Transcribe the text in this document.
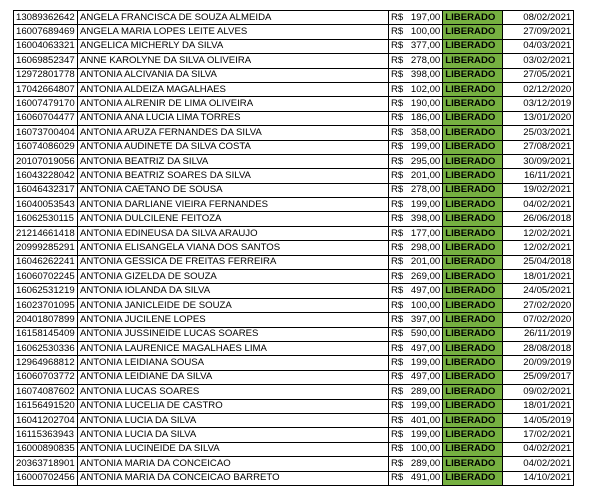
13089362642	ANGELA FRANCISCA DE SOUZA ALMEIDA	R$	197,00	LIBERADO	08/02/2021
16007689469	ANGELA MARIA LOPES LEITE ALVES	R$	100,00	LIBERADO	27/09/2021
16004063321	ANGELICA MICHERLY DA SILVA	R$	377,00	LIBERADO	04/03/2021
16069852347	ANNE KAROLYNE DA SILVA OLIVEIRA	R$	278,00	LIBERADO	03/02/2021
12972801778	ANTONIA ALCIVANIA DA SILVA	R$	398,00	LIBERADO	27/05/2021
17042664807	ANTONIA ALDEIZA MAGALHAES	R$	102,00	LIBERADO	02/12/2020
16007479170	ANTONIA ALRENIR DE LIMA OLIVEIRA	R$	190,00	LIBERADO	03/12/2019
16060704477	ANTONIA ANA LUCIA LIMA TORRES	R$	186,00	LIBERADO	13/01/2020
16073700404	ANTONIA ARUZA FERNANDES DA SILVA	R$	358,00	LIBERADO	25/03/2021
16074086029	ANTONIA AUDINETE DA SILVA COSTA	R$	199,00	LIBERADO	27/08/2021
20107019056	ANTONIA BEATRIZ DA SILVA	R$	295,00	LIBERADO	30/09/2021
16043228042	ANTONIA BEATRIZ SOARES DA SILVA	R$	201,00	LIBERADO	16/11/2021
16046432317	ANTONIA CAETANO DE SOUSA	R$	278,00	LIBERADO	19/02/2021
16040053543	ANTONIA DARLIANE VIEIRA FERNANDES	R$	199,00	LIBERADO	04/02/2021
16062530115	ANTONIA DULCILENE FEITOZA	R$	398,00	LIBERADO	26/06/2018
21214661418	ANTONIA EDINEUSA DA SILVA ARAUJO	R$	177,00	LIBERADO	12/02/2021
20999285291	ANTONIA ELISANGELA VIANA DOS SANTOS	R$	298,00	LIBERADO	12/02/2021
16046262241	ANTONIA GESSICA DE FREITAS FERREIRA	R$	201,00	LIBERADO	25/04/2018
16060702245	ANTONIA GIZELDA DE SOUZA	R$	269,00	LIBERADO	18/01/2021
16062531219	ANTONIA IOLANDA DA SILVA	R$	497,00	LIBERADO	24/05/2021
16023701095	ANTONIA JANICLEIDE DE SOUZA	R$	100,00	LIBERADO	27/02/2020
20401807899	ANTONIA JUCILENE LOPES	R$	397,00	LIBERADO	07/02/2020
16158145409	ANTONIA JUSSINEIDE LUCAS SOARES	R$	590,00	LIBERADO	26/11/2019
16062530336	ANTONIA LAURENICE MAGALHAES LIMA	R$	497,00	LIBERADO	28/08/2018
12964968812	ANTONIA LEIDIANA SOUSA	R$	199,00	LIBERADO	20/09/2019
16060703772	ANTONIA LEIDIANE DA SILVA	R$	497,00	LIBERADO	25/09/2017
16074087602	ANTONIA LUCAS SOARES	R$	289,00	LIBERADO	09/02/2021
16156491520	ANTONIA LUCELIA DE CASTRO	R$	199,00	LIBERADO	18/01/2021
16041202704	ANTONIA LUCIA DA SILVA	R$	401,00	LIBERADO	14/05/2019
16115363943	ANTONIA LUCIA DA SILVA	R$	199,00	LIBERADO	17/02/2021
16000890835	ANTONIA LUCINEIDE DA SILVA	R$	100,00	LIBERADO	04/02/2021
20363718901	ANTONIA MARIA DA CONCEICAO	R$	289,00	LIBERADO	04/02/2021
16000702456	ANTONIA MARIA DA CONCEICAO BARRETO	R$	491,00	LIBERADO	14/10/2021
